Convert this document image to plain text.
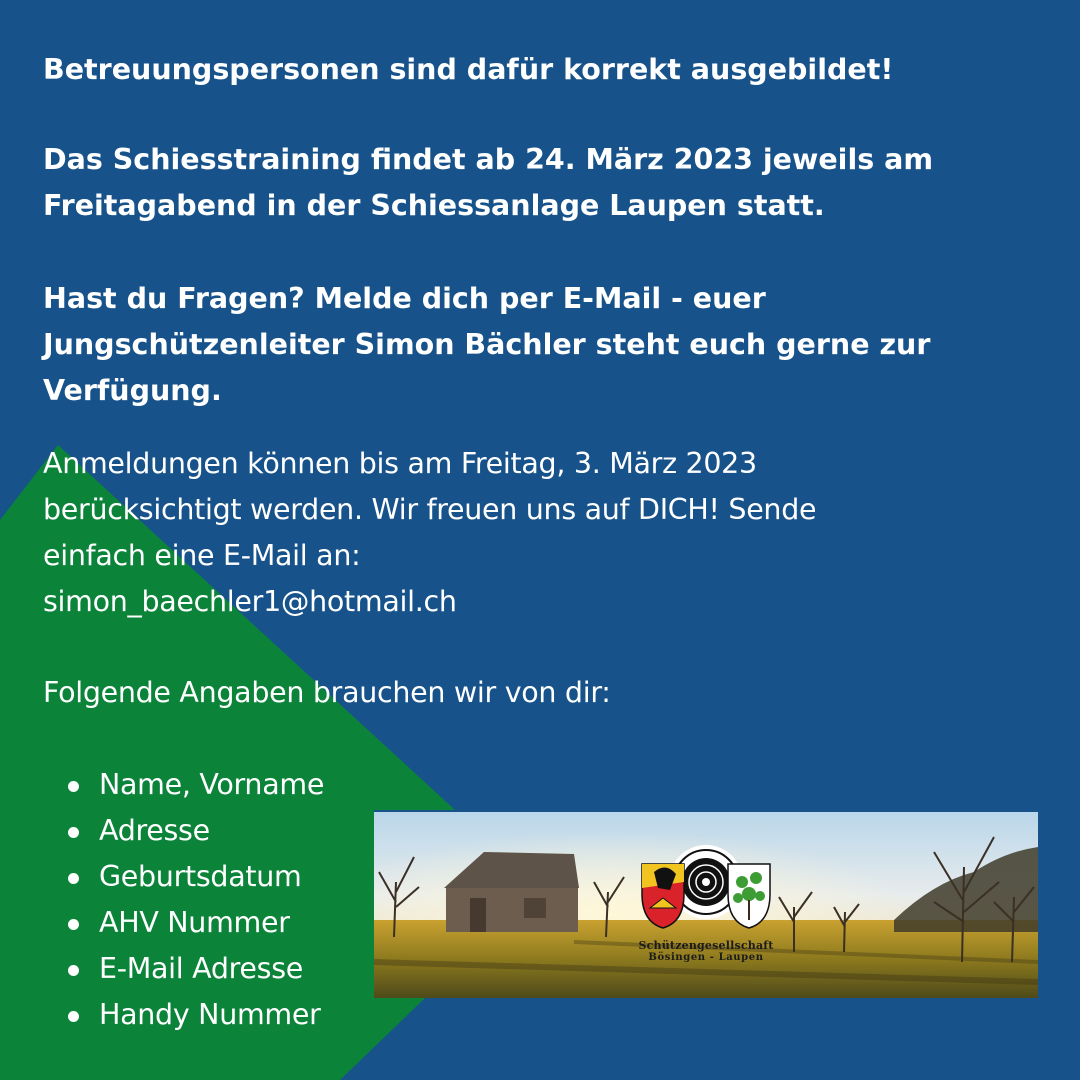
Betreuungspersonen sind dafür korrekt ausgebildet!

Das Schiesstraining findet ab 24. März 2023 jeweils am
Freitagabend in der Schiessanlage Laupen statt.

Hast du Fragen? Melde dich per E-Mail - euer
Jungschützenleiter Simon Bächler steht euch gerne zur
Verfügung.

Anmeldungen können bis am Freitag, 3. März 2023
berücksichtigt werden. Wir freuen uns auf DICH! Sende
einfach eine E-Mail an:
simon_baechler1@hotmail.ch

Folgende Angaben brauchen wir von dir:

Name, Vorname
Adresse
Geburtsdatum
AHV Nummer
E-Mail Adresse
Handy Nummer
Schützengesellschaft
Bösingen - Laupen
